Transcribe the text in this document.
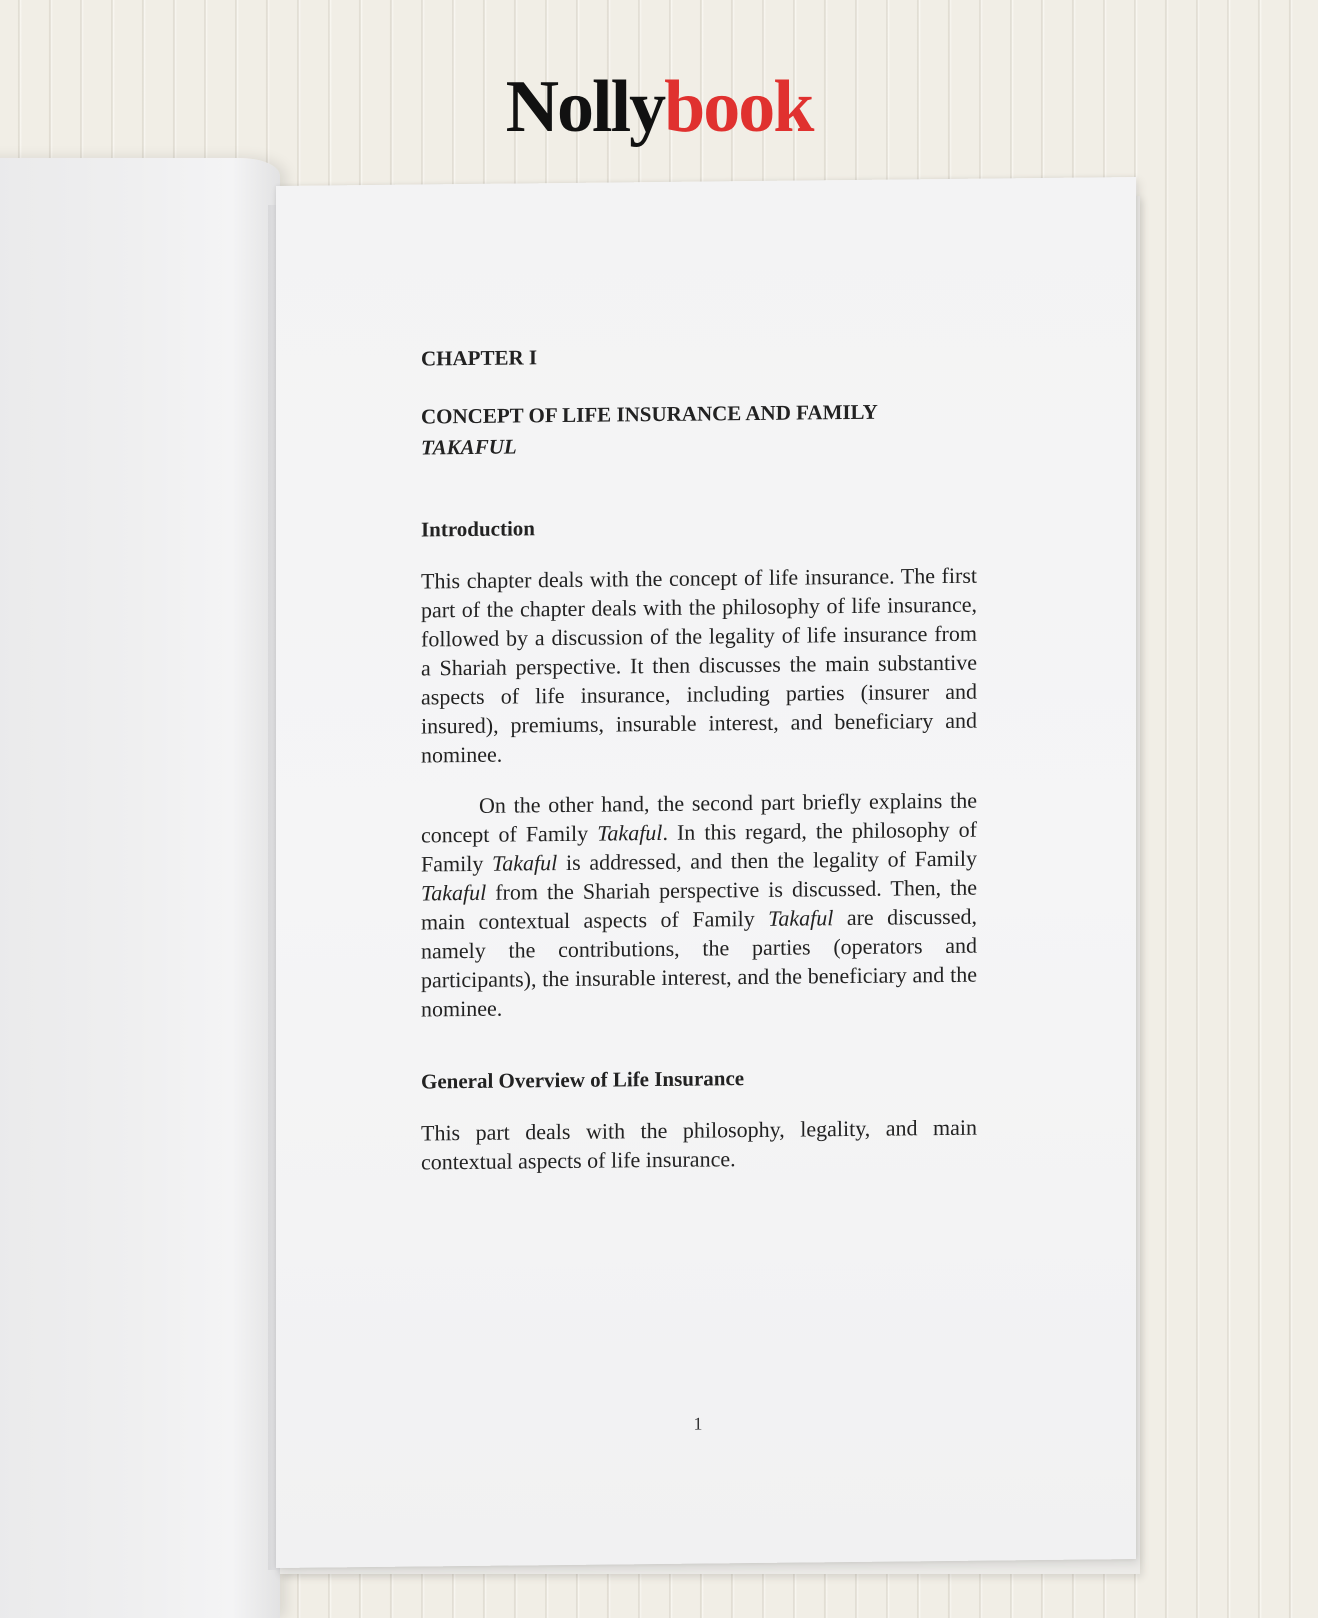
Nollybook
CHAPTER I
CONCEPT OF LIFE INSURANCE AND FAMILY
TAKAFUL
Introduction

This chapter deals with the concept of life insurance. The first part of the chapter deals with the philosophy of life insurance, followed by a discussion of the legality of life insurance from a Shariah perspective. It then discusses the main substantive aspects of life insurance, including parties (insurer and insured), premiums, insurable interest, and beneficiary and nominee.

On the other hand, the second part briefly explains the concept of Family Takaful. In this regard, the philosophy of Family Takaful is addressed, and then the legality of Family Takaful from the Shariah perspective is discussed. Then, the main contextual aspects of Family Takaful are discussed, namely the contributions, the parties (operators and participants), the insurable interest, and the beneficiary and the nominee.

General Overview of Life Insurance

This part deals with the philosophy, legality, and main contextual aspects of life insurance.

1
